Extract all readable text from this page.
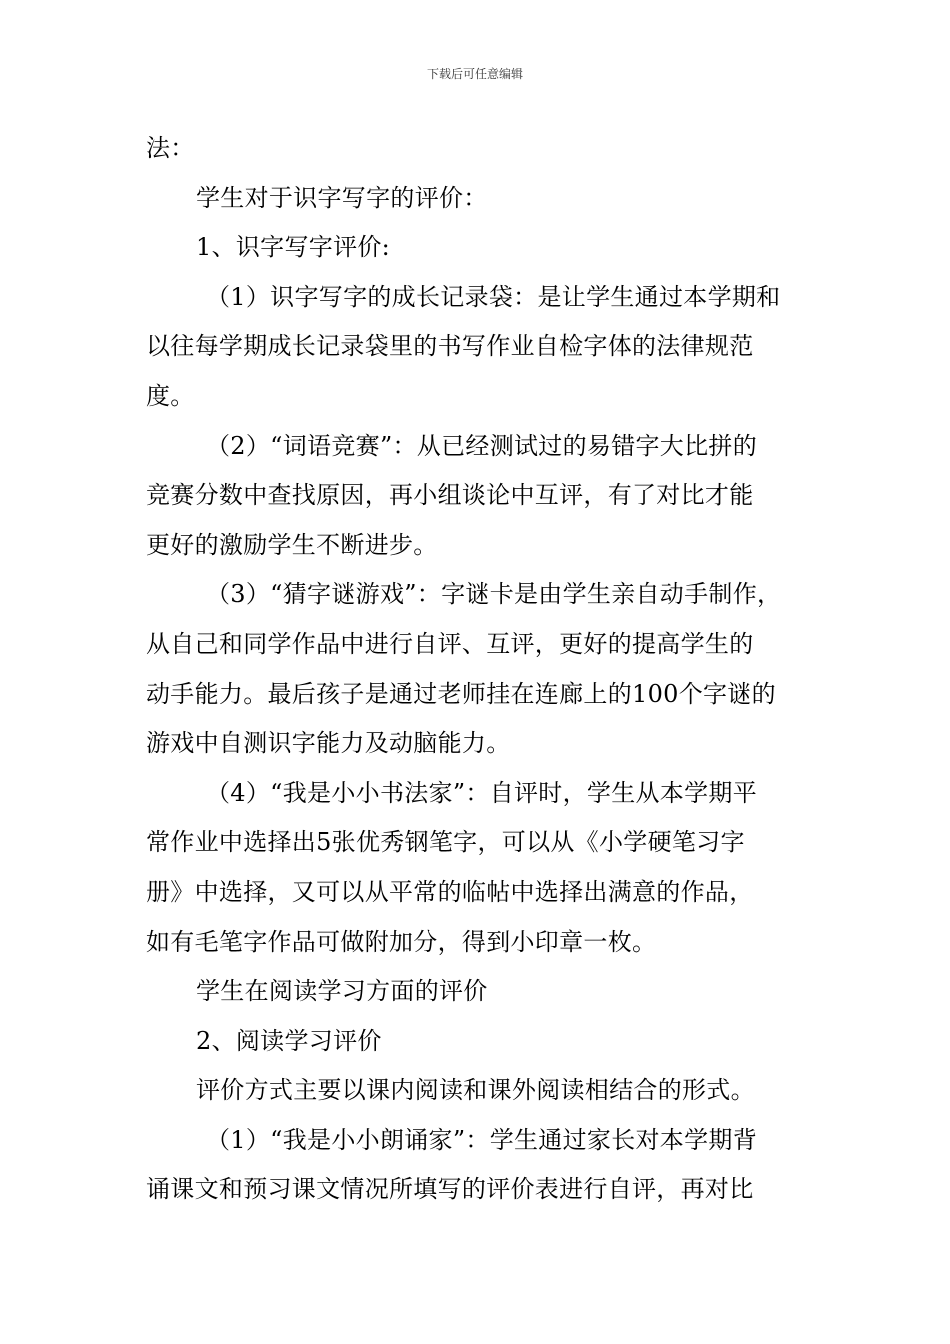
下载后可任意编辑
法：
学生对于识字写字的评价：
1、识字写字评价:
（1）识字写字的成长记录袋：是让学生通过本学期和
以往每学期成长记录袋里的书写作业自检字体的法律规范
度。
（2）“词语竞赛”：从已经测试过的易错字大比拼的
竞赛分数中查找原因，再小组谈论中互评，有了对比才能
更好的激励学生不断进步。
（3）“猜字谜游戏”：字谜卡是由学生亲自动手制作，
从自己和同学作品中进行自评、互评，更好的提高学生的
动手能力。最后孩子是通过老师挂在连廊上的100个字谜的
游戏中自测识字能力及动脑能力。
（4）“我是小小书法家”：自评时，学生从本学期平
常作业中选择出5张优秀钢笔字，可以从《小学硬笔习字
册》中选择，又可以从平常的临帖中选择出满意的作品，
如有毛笔字作品可做附加分，得到小印章一枚。
学生在阅读学习方面的评价
2、阅读学习评价
评价方式主要以课内阅读和课外阅读相结合的形式。
（1）“我是小小朗诵家”：学生通过家长对本学期背
诵课文和预习课文情况所填写的评价表进行自评，再对比
